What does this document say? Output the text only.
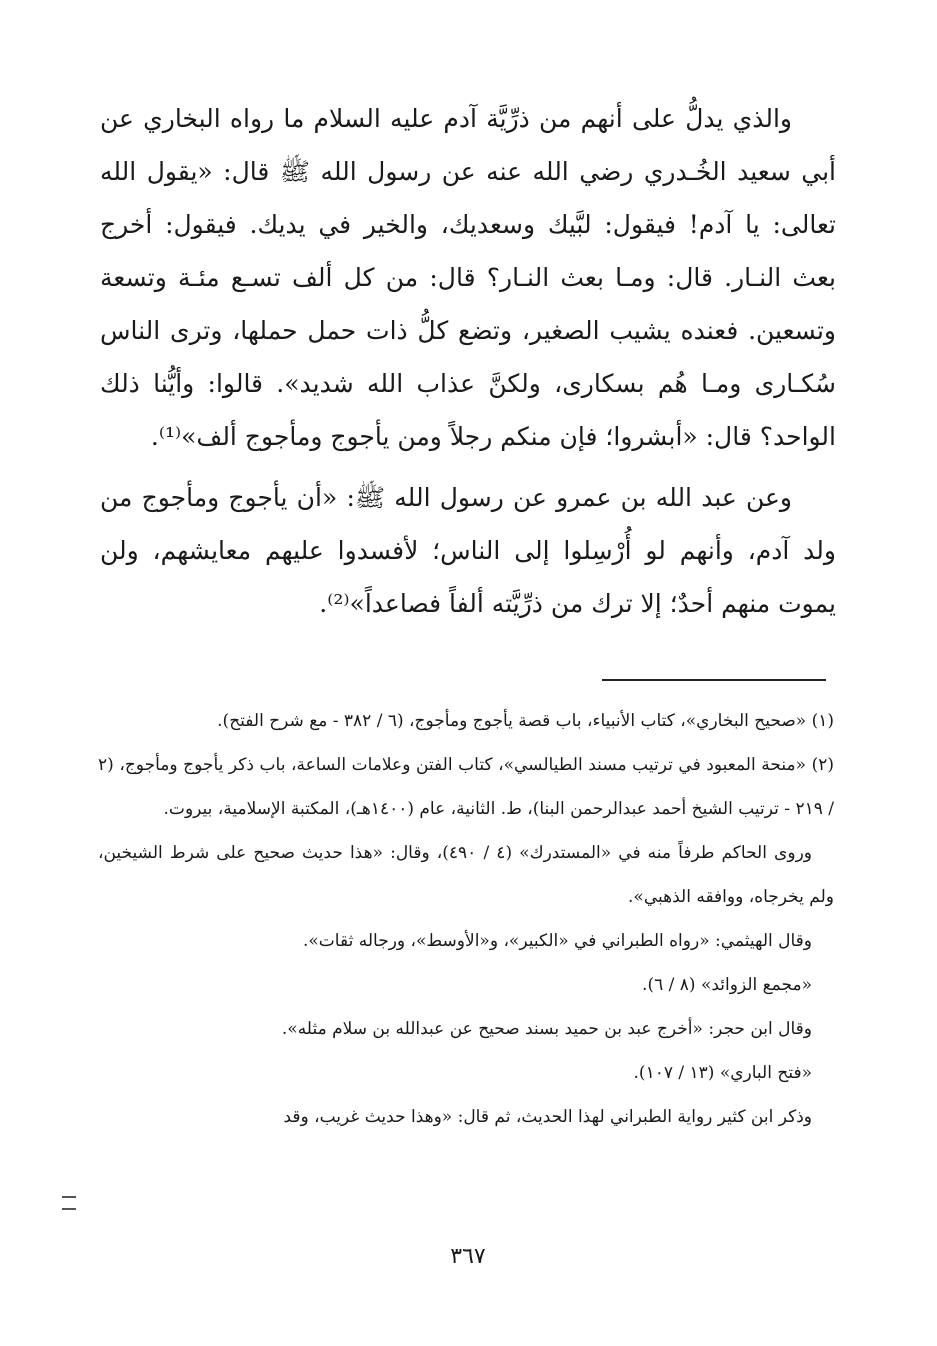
والذي يدلُّ على أنهم من ذرِّيَّة آدم عليه السلام ما رواه البخاري عن أبي سعيد الخُـدري رضي الله عنه عن رسول الله ﷺ قال: «يقول الله تعالى: يا آدم! فيقول: لبَّيك وسعديك، والخير في يديك. فيقول: أخرج بعث النـار. قال: ومـا بعث النـار؟ قال: من كل ألف تسـع مئـة وتسعة وتسعين. فعنده يشيب الصغير، وتضع كلُّ ذات حمل حملها، وترى الناس سُكـارى ومـا هُم بسكارى، ولكنَّ عذاب الله شديد». قالوا: وأيُّنا ذلك الواحد؟ قال: «أبشروا؛ فإن منكم رجلاً ومن يأجوج ومأجوج ألف»⁽¹⁾.

وعن عبد الله بن عمرو عن رسول الله ﷺ: «أن يأجوج ومأجوج من ولد آدم، وأنهم لو أُرْسِلوا إلى الناس؛ لأفسدوا عليهم معايشهم، ولن يموت منهم أحدٌ؛ إلا ترك من ذرِّيَّته ألفاً فصاعداً»⁽²⁾.

(١) «صحيح البخاري»، كتاب الأنبياء، باب قصة يأجوج ومأجوج، (٦ / ٣٨٢ - مع شرح الفتح).

(٢) «منحة المعبود في ترتيب مسند الطيالسي»، كتاب الفتن وعلامات الساعة، باب ذكر يأجوج ومأجوج، (٢ / ٢١٩ - ترتيب الشيخ أحمد عبدالرحمن البنا)، ط. الثانية، عام (١٤٠٠هـ)، المكتبة الإسلامية، بيروت.

وروى الحاكم طرفاً منه في «المستدرك» (٤ / ٤٩٠)، وقال: «هذا حديث صحيح على شرط الشيخين، ولم يخرجاه، ووافقه الذهبي».

وقال الهيثمي: «رواه الطبراني في «الكبير»، و«الأوسط»، ورجاله ثقات».

«مجمع الزوائد» (٨ / ٦).

وقال ابن حجر: «أخرج عبد بن حميد بسند صحيح عن عبدالله بن سلام مثله».

«فتح الباري» (١٣ / ١٠٧).

وذكر ابن كثير رواية الطبراني لهذا الحديث، ثم قال: «وهذا حديث غريب، وقد

٣٦٧
